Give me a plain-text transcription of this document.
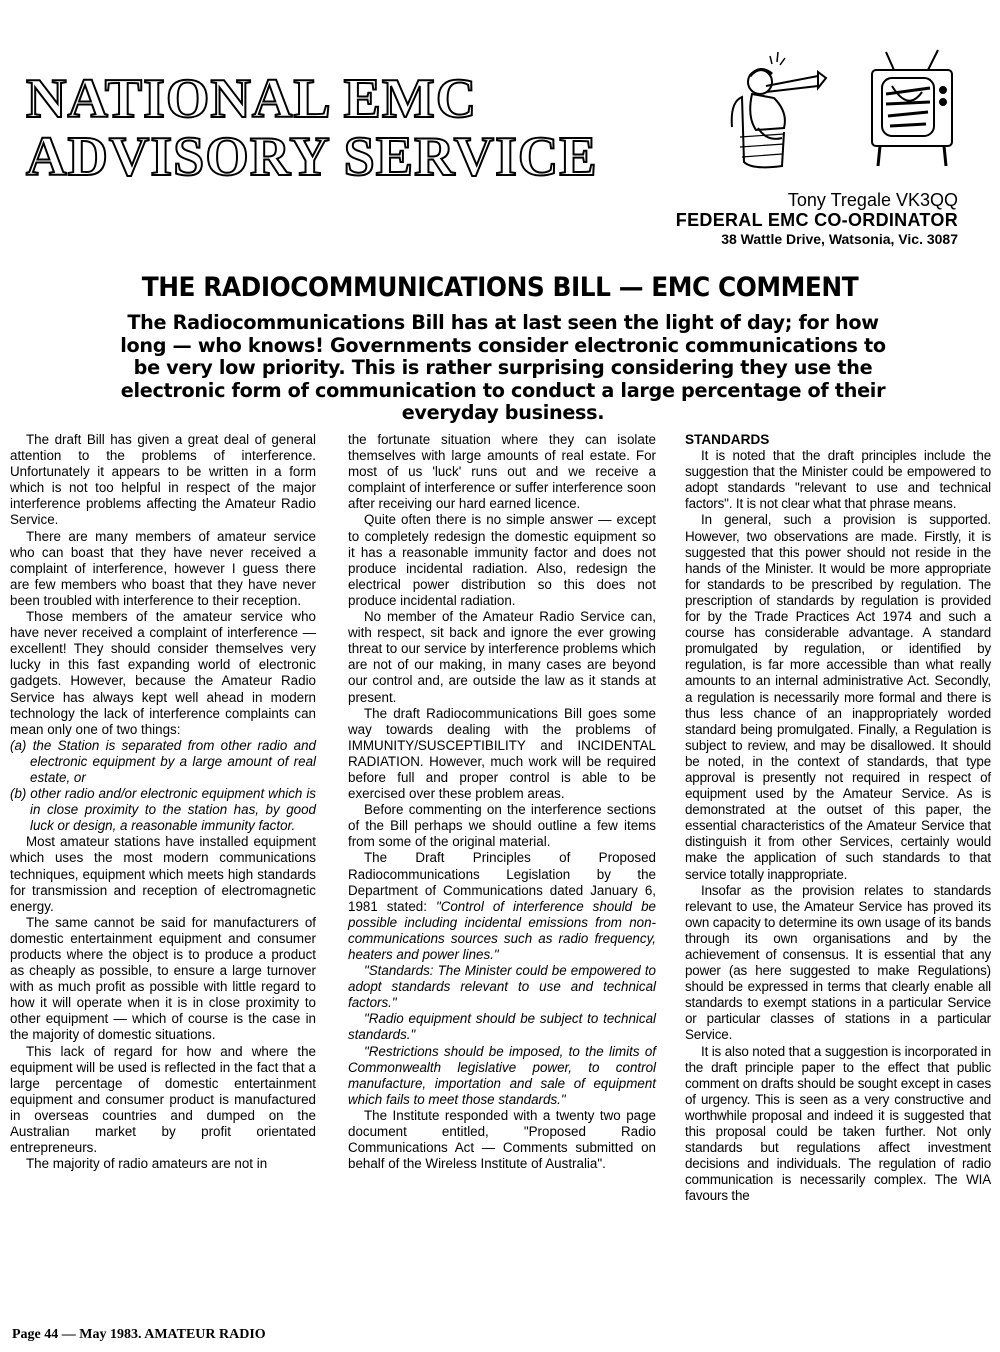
NATIONAL EMC
ADVISORY SERVICE
Tony Tregale VK3QQ
FEDERAL EMC CO-ORDINATOR
38 Wattle Drive, Watsonia, Vic. 3087
THE RADIOCOMMUNICATIONS BILL — EMC COMMENT
The Radiocommunications Bill has at last seen the light of day; for how long — who knows! Governments consider electronic communications to be very low priority. This is rather surprising considering they use the electronic form of communication to conduct a large percentage of their everyday business.

The draft Bill has given a great deal of general attention to the problems of interference. Unfortunately it appears to be written in a form which is not too helpful in respect of the major interference problems affecting the Amateur Radio Service.

There are many members of amateur service who can boast that they have never received a complaint of interference, however I guess there are few members who boast that they have never been troubled with interference to their reception.

Those members of the amateur service who have never received a complaint of interference — excellent! They should consider themselves very lucky in this fast expanding world of electronic gadgets. However, because the Amateur Radio Service has always kept well ahead in modern technology the lack of interference complaints can mean only one of two things:

(a) the Station is separated from other radio and electronic equipment by a large amount of real estate, or

(b) other radio and/or electronic equipment which is in close proximity to the station has, by good luck or design, a reasonable immunity factor.

Most amateur stations have installed equipment which uses the most modern communications techniques, equipment which meets high standards for transmission and reception of electromagnetic energy.

The same cannot be said for manufacturers of domestic entertainment equipment and consumer products where the object is to produce a product as cheaply as possible, to ensure a large turnover with as much profit as possible with little regard to how it will operate when it is in close proximity to other equipment — which of course is the case in the majority of domestic situations.

This lack of regard for how and where the equipment will be used is reflected in the fact that a large percentage of domestic entertainment equipment and consumer product is manufactured in overseas countries and dumped on the Australian market by profit orientated entrepreneurs.

The majority of radio amateurs are not in

the fortunate situation where they can isolate themselves with large amounts of real estate. For most of us 'luck' runs out and we receive a complaint of interference or suffer interference soon after receiving our hard earned licence.

Quite often there is no simple answer — except to completely redesign the domestic equipment so it has a reasonable immunity factor and does not produce incidental radiation. Also, redesign the electrical power distribution so this does not produce incidental radiation.

No member of the Amateur Radio Service can, with respect, sit back and ignore the ever growing threat to our service by interference problems which are not of our making, in many cases are beyond our control and, are outside the law as it stands at present.

The draft Radiocommunications Bill goes some way towards dealing with the problems of IMMUNITY/SUSCEPTIBILITY and INCIDENTAL RADIATION. However, much work will be required before full and proper control is able to be exercised over these problem areas.

Before commenting on the interference sections of the Bill perhaps we should outline a few items from some of the original material.

The Draft Principles of Proposed Radiocommunications Legislation by the Department of Communications dated January 6, 1981 stated: "Control of interference should be possible including incidental emissions from non-communications sources such as radio frequency, heaters and power lines."

"Standards: The Minister could be empowered to adopt standards relevant to use and technical factors."

"Radio equipment should be subject to technical standards."

"Restrictions should be imposed, to the limits of Commonwealth legislative power, to control manufacture, importation and sale of equipment which fails to meet those standards."

The Institute responded with a twenty two page document entitled, "Proposed Radio Communications Act — Comments submitted on behalf of the Wireless Institute of Australia".

STANDARDS

It is noted that the draft principles include the suggestion that the Minister could be empowered to adopt standards "relevant to use and technical factors". It is not clear what that phrase means.

In general, such a provision is supported. However, two observations are made. Firstly, it is suggested that this power should not reside in the hands of the Minister. It would be more appropriate for standards to be prescribed by regulation. The prescription of standards by regulation is provided for by the Trade Practices Act 1974 and such a course has considerable advantage. A standard promulgated by regulation, or identified by regulation, is far more accessible than what really amounts to an internal administrative Act. Secondly, a regulation is necessarily more formal and there is thus less chance of an inappropriately worded standard being promulgated. Finally, a Regulation is subject to review, and may be disallowed. It should be noted, in the context of standards, that type approval is presently not required in respect of equipment used by the Amateur Service. As is demonstrated at the outset of this paper, the essential characteristics of the Amateur Service that distinguish it from other Services, certainly would make the application of such standards to that service totally inappropriate.

Insofar as the provision relates to standards relevant to use, the Amateur Service has proved its own capacity to determine its own usage of its bands through its own organisations and by the achievement of consensus. It is essential that any power (as here suggested to make Regulations) should be expressed in terms that clearly enable all standards to exempt stations in a particular Service or particular classes of stations in a particular Service.

It is also noted that a suggestion is incorporated in the draft principle paper to the effect that public comment on drafts should be sought except in cases of urgency. This is seen as a very constructive and worthwhile proposal and indeed it is suggested that this proposal could be taken further. Not only standards but regulations affect investment decisions and individuals. The regulation of radio communication is necessarily complex. The WIA favours the

Page 44 — May 1983. AMATEUR RADIO
